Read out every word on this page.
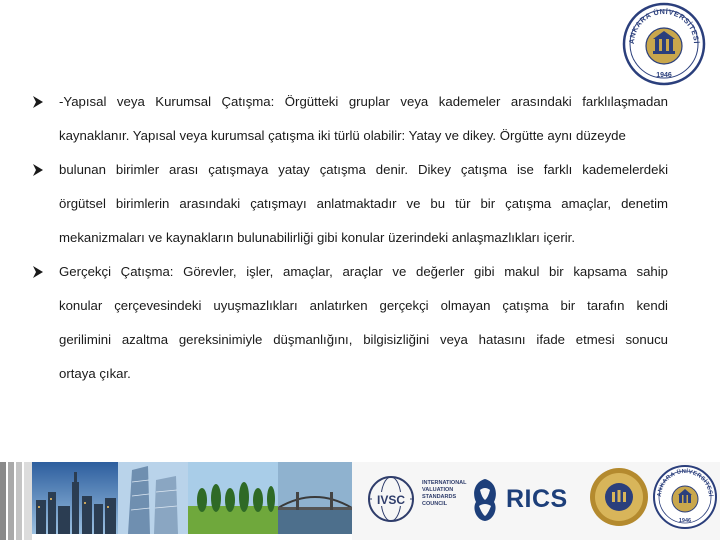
ANKARA ÜNİVERSİTESİ
1946
-Yapısal veya Kurumsal Çatışma: Örgütteki gruplar veya kademeler arasındaki farklılaşmadan
kaynaklanır. Yapısal veya kurumsal çatışma iki türlü olabilir: Yatay ve dikey. Örgütte aynı düzeyde
bulunan birimler arası çatışmaya yatay çatışma denir. Dikey çatışma ise farklı kademelerdeki
örgütsel birimlerin arasındaki çatışmayı anlatmaktadır ve bu tür bir çatışma amaçlar, denetim
mekanizmaları ve kaynakların bulunabilirliği gibi konular üzerindeki anlaşmazlıkları içerir.
Gerçekçi Çatışma: Görevler, işler, amaçlar, araçlar ve değerler gibi makul bir kapsama sahip
konular çerçevesindeki uyuşmazlıkları anlatırken gerçekçi olmayan çatışma bir tarafın kendi
gerilimini azaltma gereksinimiyle düşmanlığını, bilgisizliğini veya hatasını ifade etmesi sonucu
ortaya çıkar.
IVSC
INTERNATIONAL
VALUATION
STANDARDS
COUNCIL	RICS	ANKARA ÜNİVERSİTESİ
1946
